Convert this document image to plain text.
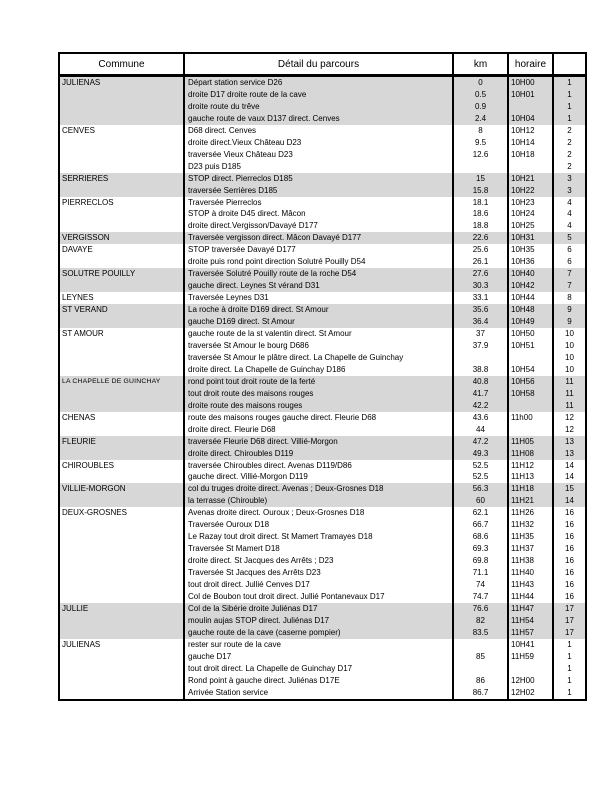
Commune	Détail du parcours	km	horaire	
JULIENAS	Départ station service D26	0	10H00	1
	droite D17 droite route de la cave	0.5	10H01	1
	droite route du trêve	0.9		1
	gauche route de vaux D137 direct. Cenves	2.4	10H04	1
CENVES	D68 direct. Cenves	8	10H12	2
	droite direct.Vieux Château D23	9.5	10H14	2
	traversée Vieux Château D23	12.6	10H18	2
	D23 puis D185			2
SERRIERES	STOP direct. Pierreclos D185	15	10H21	3
	traversée Serrières D185	15.8	10H22	3
PIERRECLOS	Traversée Pierreclos	18.1	10H23	4
	STOP à droite D45 direct. Mâcon	18.6	10H24	4
	droite direct.Vergisson/Davayé D177	18.8	10H25	4
VERGISSON	Traversée vergisson direct. Mâcon Davayé D177	22.6	10H31	5
DAVAYE	STOP traversée Davayé D177	25.6	10H35	6
	droite puis rond point direction Solutré Pouilly D54	26.1	10H36	6
SOLUTRE POUILLY	Traversée Solutré Pouilly route de la roche D54	27.6	10H40	7
	gauche direct. Leynes St vérand D31	30.3	10H42	7
LEYNES	Traversée Leynes D31	33.1	10H44	8
ST VERAND	La roche à droite D169 direct. St Amour	35.6	10H48	9
	gauche D169 direct. St Amour	36.4	10H49	9
ST AMOUR	gauche route de la st valentin direct. St Amour	37	10H50	10
	traversée St Amour le bourg D686	37.9	10H51	10
	traversée St Amour le plâtre direct. La Chapelle de Guinchay			10
	droite direct. La Chapelle de Guinchay D186	38.8	10H54	10
LA CHAPELLE DE GUINCHAY	rond point tout droit route de la ferté	40.8	10H56	11
	tout droit route des maisons rouges	41.7	10H58	11
	droite route des maisons rouges	42.2		11
CHENAS	route des maisons rouges gauche direct. Fleurie D68	43.6	11h00	12
	droite direct. Fleurie D68	44		12
FLEURIE	traversée Fleurie D68 direct. Villié-Morgon	47.2	11H05	13
	droite direct. Chiroubles D119	49.3	11H08	13
CHIROUBLES	traversée Chiroubles direct. Avenas D119/D86	52.5	11H12	14
	gauche direct. Villié-Morgon D119	52.5	11H13	14
VILLIE-MORGON	col du truges droite direct. Avenas ; Deux-Grosnes D18	56.3	11H18	15
	la terrasse (Chirouble)	60	11H21	14
DEUX-GROSNES	Avenas droite direct. Ouroux ; Deux-Grosnes D18	62.1	11H26	16
	Traversée Ouroux D18	66.7	11H32	16
	Le Razay tout droit direct. St Mamert Tramayes D18	68.6	11H35	16
	Traversée St Mamert D18	69.3	11H37	16
	droite direct. St Jacques des Arrêts ; D23	69.8	11H38	16
	Traversée St Jacques des Arrêts D23	71.1	11H40	16
	tout droit direct. Jullié Cenves D17	74	11H43	16
	Col de Boubon tout droit direct. Jullié Pontanevaux D17	74.7	11H44	16
JULLIE	Col de la Sibérie droite Juliénas D17	76.6	11H47	17
	moulin aujas STOP direct. Juliénas D17	82	11H54	17
	gauche route de la cave (caserne pompier)	83.5	11H57	17
JULIENAS	rester sur route de la cave		10H41	1
	gauche D17	85	11H59	1
	tout droit direct. La Chapelle de Guinchay D17			1
	Rond point à gauche direct. Juliénas D17E	86	12H00	1
	Arrivée Station service	86.7	12H02	1
